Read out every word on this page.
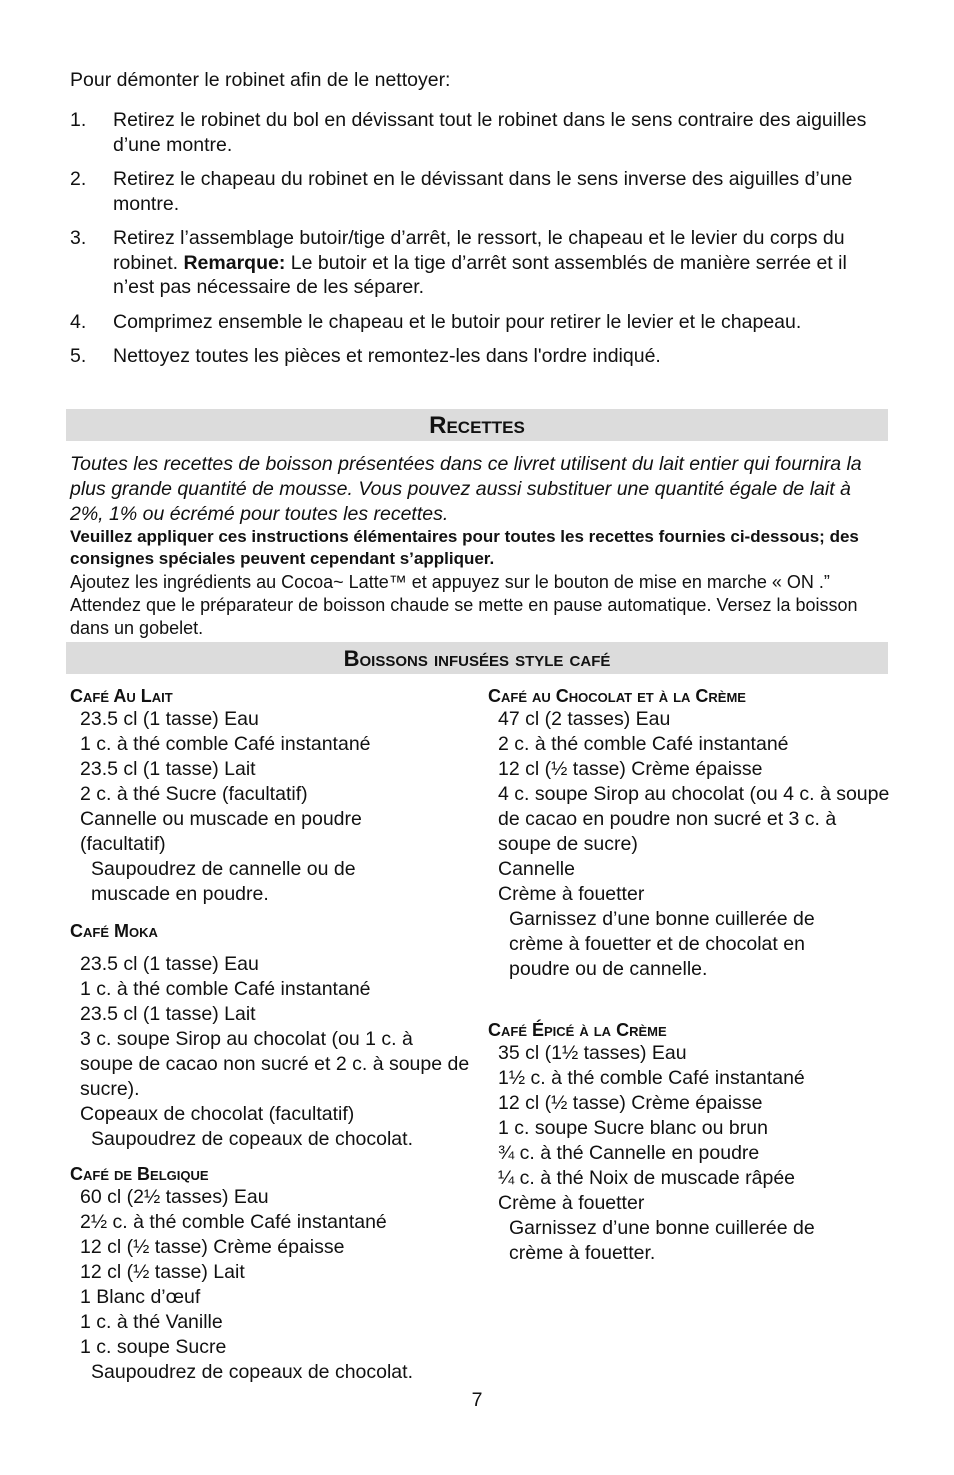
Pour démonter le robinet afin de le nettoyer:
1. Retirez le robinet du bol en dévissant tout le robinet dans le sens contraire des aiguilles d’une montre.
2. Retirez le chapeau du robinet en le dévissant dans le sens inverse des aiguilles d’une montre.
3. Retirez l’assemblage butoir/tige d’arrêt, le ressort, le chapeau et le levier du corps du robinet. Remarque: Le butoir et la tige d’arrêt sont assemblés de manière serrée et il n’est pas nécessaire de les séparer.
4. Comprimez ensemble le chapeau et le butoir pour retirer le levier et le chapeau.
5. Nettoyez toutes les pièces et remontez-les dans l'ordre indiqué.
Recettes
Toutes les recettes de boisson présentées dans ce livret utilisent du lait entier qui fournira la plus grande quantité de mousse. Vous pouvez aussi substituer une quantité égale de lait à 2%, 1% ou écrémé pour toutes les recettes.
Veuillez appliquer ces instructions élémentaires pour toutes les recettes fournies ci-dessous; des consignes spéciales peuvent cependant s’appliquer.
Ajoutez les ingrédients au Cocoa~ Latte™ et appuyez sur le bouton de mise en marche « ON .” Attendez que le préparateur de boisson chaude se mette en pause automatique. Versez la boisson dans un gobelet.
Boissons infusées style café
Café Au Lait
23.5 cl (1 tasse) Eau
1 c. à thé comble Café instantané
23.5 cl (1 tasse) Lait
2 c. à thé Sucre (facultatif)
Cannelle ou muscade en poudre (facultatif)
Saupoudrez de cannelle ou de muscade en poudre.
Café Moka
23.5 cl (1 tasse) Eau
1 c. à thé comble Café instantané
23.5 cl (1 tasse) Lait
3 c. soupe Sirop au chocolat (ou 1 c. à soupe de cacao non sucré et 2 c. à soupe de sucre).
Copeaux de chocolat (facultatif)
Saupoudrez de copeaux de chocolat.
Café de Belgique
60 cl (2½ tasses) Eau
2½ c. à thé comble Café instantané
12 cl (½ tasse) Crème épaisse
12 cl (½ tasse) Lait
1 Blanc d’œuf
1 c. à thé Vanille
1 c. soupe Sucre
Saupoudrez de copeaux de chocolat.
Café au Chocolat et à la Crème
47 cl (2 tasses) Eau
2 c. à thé comble Café instantané
12 cl (½ tasse) Crème épaisse
4 c. soupe Sirop au chocolat (ou 4 c. à soupe de cacao en poudre non sucré et 3 c. à soupe de sucre)
Cannelle
Crème à fouetter
Garnissez d’une bonne cuillerée de crème à fouetter et de chocolat en poudre ou de cannelle.
Café Épicé à la Crème
35 cl (1½ tasses) Eau
1½ c. à thé comble Café instantané
12 cl (½ tasse) Crème épaisse
1 c. soupe Sucre blanc ou brun
¾ c. à thé Cannelle en poudre
¼ c. à thé Noix de muscade râpée
Crème à fouetter
Garnissez d’une bonne cuillerée de crème à fouetter.
7
